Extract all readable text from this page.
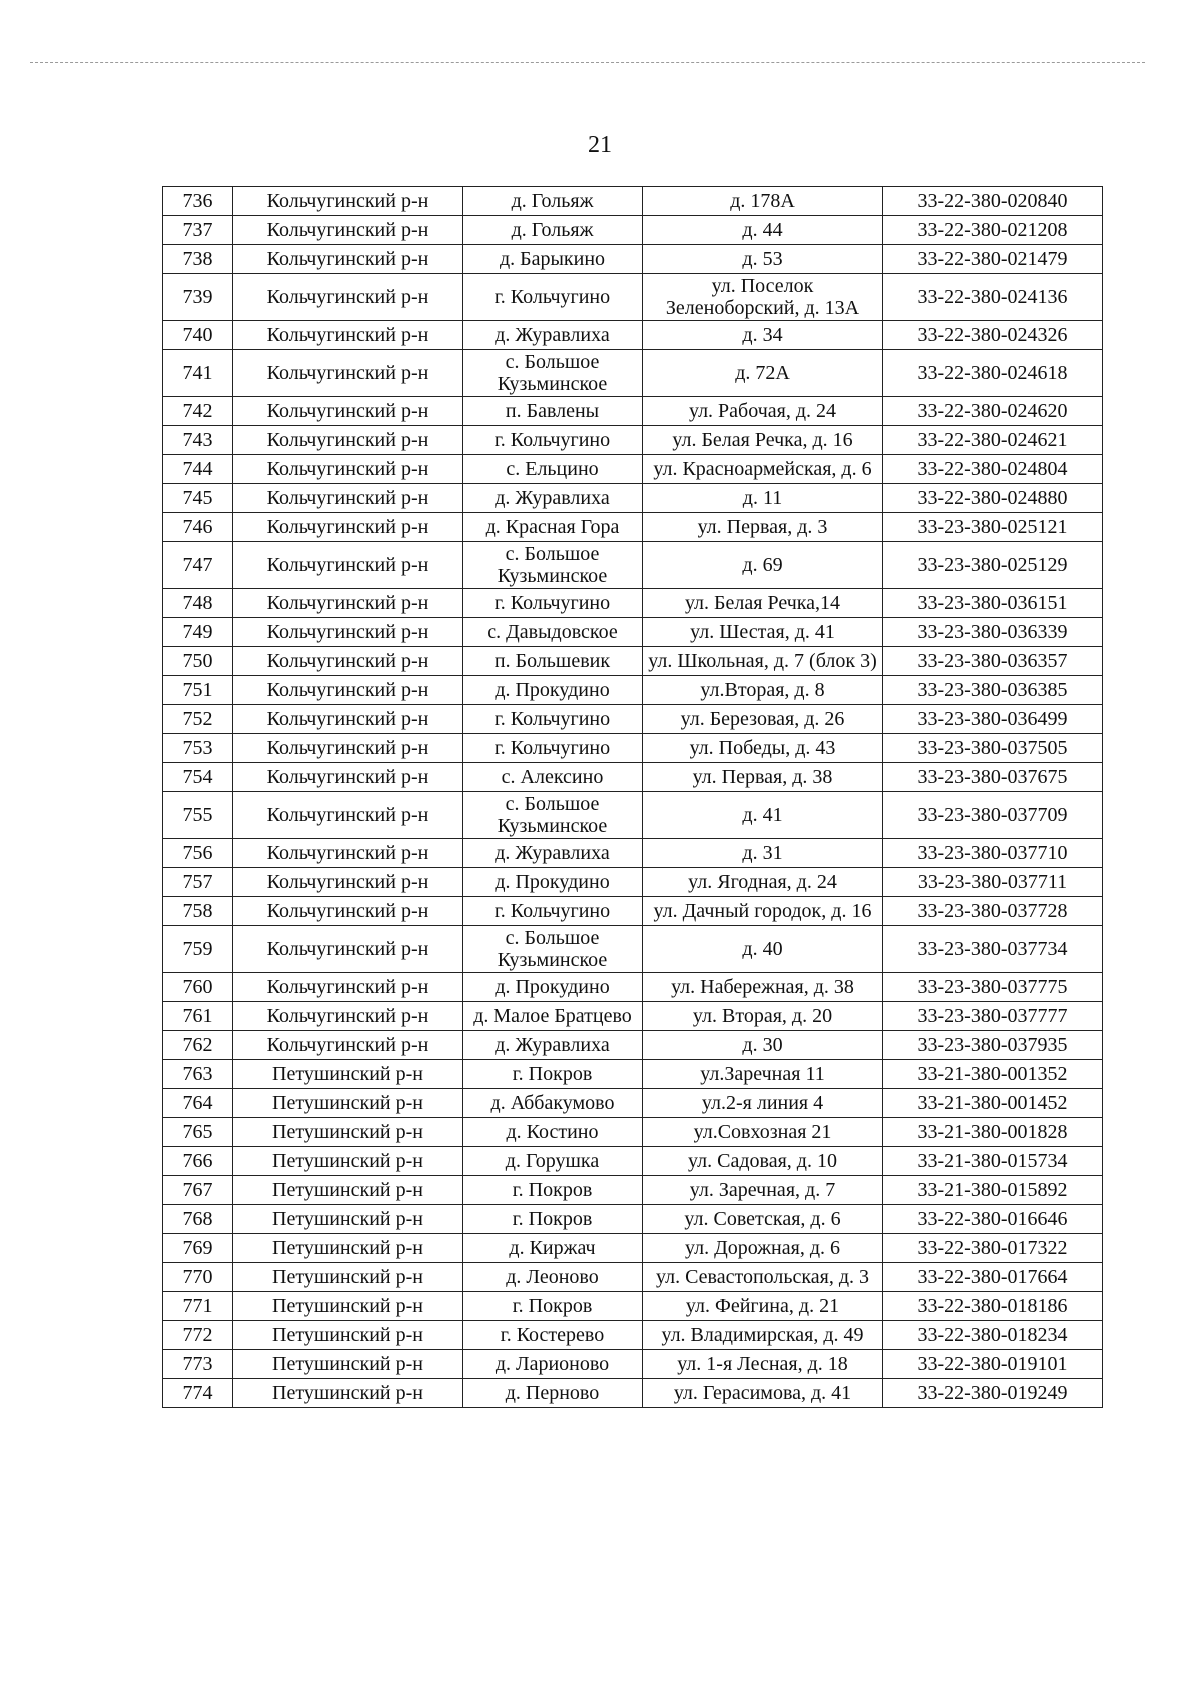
21
736	Кольчугинский р-н	д. Гольяж	д. 178А	33-22-380-020840
737	Кольчугинский р-н	д. Гольяж	д. 44	33-22-380-021208
738	Кольчугинский р-н	д. Барыкино	д. 53	33-22-380-021479
739	Кольчугинский р-н	г. Кольчугино	ул. Поселок Зеленоборский, д. 13А	33-22-380-024136
740	Кольчугинский р-н	д. Журавлиха	д. 34	33-22-380-024326
741	Кольчугинский р-н	с. Большое Кузьминское	д. 72А	33-22-380-024618
742	Кольчугинский р-н	п. Бавлены	ул. Рабочая, д. 24	33-22-380-024620
743	Кольчугинский р-н	г. Кольчугино	ул. Белая Речка, д. 16	33-22-380-024621
744	Кольчугинский р-н	с. Ельцино	ул. Красноармейская, д. 6	33-22-380-024804
745	Кольчугинский р-н	д. Журавлиха	д. 11	33-22-380-024880
746	Кольчугинский р-н	д. Красная Гора	ул. Первая, д. 3	33-23-380-025121
747	Кольчугинский р-н	с. Большое Кузьминское	д. 69	33-23-380-025129
748	Кольчугинский р-н	г. Кольчугино	ул. Белая Речка,14	33-23-380-036151
749	Кольчугинский р-н	с. Давыдовское	ул. Шестая, д. 41	33-23-380-036339
750	Кольчугинский р-н	п. Большевик	ул. Школьная, д. 7 (блок 3)	33-23-380-036357
751	Кольчугинский р-н	д. Прокудино	ул.Вторая, д. 8	33-23-380-036385
752	Кольчугинский р-н	г. Кольчугино	ул. Березовая, д. 26	33-23-380-036499
753	Кольчугинский р-н	г. Кольчугино	ул. Победы, д. 43	33-23-380-037505
754	Кольчугинский р-н	с. Алексино	ул. Первая, д. 38	33-23-380-037675
755	Кольчугинский р-н	с. Большое Кузьминское	д. 41	33-23-380-037709
756	Кольчугинский р-н	д. Журавлиха	д. 31	33-23-380-037710
757	Кольчугинский р-н	д. Прокудино	ул. Ягодная, д. 24	33-23-380-037711
758	Кольчугинский р-н	г. Кольчугино	ул. Дачный городок, д. 16	33-23-380-037728
759	Кольчугинский р-н	с. Большое Кузьминское	д. 40	33-23-380-037734
760	Кольчугинский р-н	д. Прокудино	ул. Набережная, д. 38	33-23-380-037775
761	Кольчугинский р-н	д. Малое Братцево	ул. Вторая, д. 20	33-23-380-037777
762	Кольчугинский р-н	д. Журавлиха	д. 30	33-23-380-037935
763	Петушинский р-н	г. Покров	ул.Заречная 11	33-21-380-001352
764	Петушинский р-н	д. Аббакумово	ул.2-я линия 4	33-21-380-001452
765	Петушинский р-н	д. Костино	ул.Совхозная 21	33-21-380-001828
766	Петушинский р-н	д. Горушка	ул. Садовая, д. 10	33-21-380-015734
767	Петушинский р-н	г. Покров	ул. Заречная, д. 7	33-21-380-015892
768	Петушинский р-н	г. Покров	ул. Советская, д. 6	33-22-380-016646
769	Петушинский р-н	д. Киржач	ул. Дорожная, д. 6	33-22-380-017322
770	Петушинский р-н	д. Леоново	ул. Севастопольская, д. 3	33-22-380-017664
771	Петушинский р-н	г. Покров	ул. Фейгина, д. 21	33-22-380-018186
772	Петушинский р-н	г. Костерево	ул. Владимирская, д. 49	33-22-380-018234
773	Петушинский р-н	д. Ларионово	ул. 1-я Лесная, д. 18	33-22-380-019101
774	Петушинский р-н	д. Перново	ул. Герасимова, д. 41	33-22-380-019249
